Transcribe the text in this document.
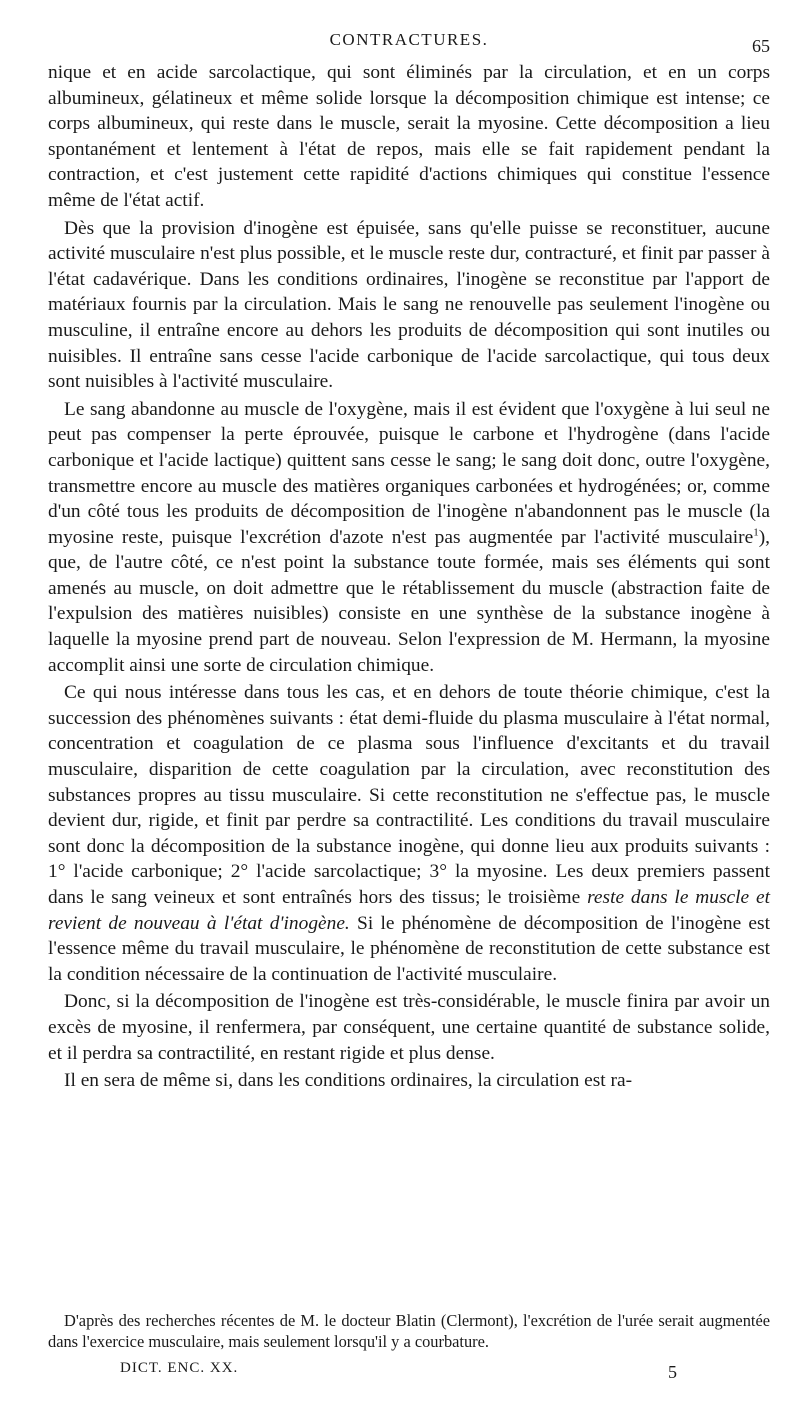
CONTRACTURES.	65

nique et en acide sarcolactique, qui sont éliminés par la circulation, et en un corps albumineux, gélatineux et même solide lorsque la décomposition chimique est intense; ce corps albumineux, qui reste dans le muscle, serait la myosine. Cette décomposition a lieu spontanément et lentement à l'état de repos, mais elle se fait rapidement pendant la contraction, et c'est justement cette rapidité d'actions chimiques qui constitue l'essence même de l'état actif.

Dès que la provision d'inogène est épuisée, sans qu'elle puisse se reconstituer, aucune activité musculaire n'est plus possible, et le muscle reste dur, contracturé, et finit par passer à l'état cadavérique. Dans les conditions ordinaires, l'inogène se reconstitue par l'apport de matériaux fournis par la circulation. Mais le sang ne renouvelle pas seulement l'inogène ou musculine, il entraîne encore au dehors les produits de décomposition qui sont inutiles ou nuisibles. Il entraîne sans cesse l'acide carbonique de l'acide sarcolactique, qui tous deux sont nuisibles à l'activité musculaire.

Le sang abandonne au muscle de l'oxygène, mais il est évident que l'oxygène à lui seul ne peut pas compenser la perte éprouvée, puisque le carbone et l'hydrogène (dans l'acide carbonique et l'acide lactique) quittent sans cesse le sang; le sang doit donc, outre l'oxygène, transmettre encore au muscle des matières organiques carbonées et hydrogénées; or, comme d'un côté tous les produits de décomposition de l'inogène n'abandonnent pas le muscle (la myosine reste, puisque l'excrétion d'azote n'est pas augmentée par l'activité musculaire$^1$), que, de l'autre côté, ce n'est point la substance toute formée, mais ses éléments qui sont amenés au muscle, on doit admettre que le rétablissement du muscle (abstraction faite de l'expulsion des matières nuisibles) consiste en une synthèse de la substance inogène à laquelle la myosine prend part de nouveau. Selon l'expression de M. Hermann, la myosine accomplit ainsi une sorte de circulation chimique.

Ce qui nous intéresse dans tous les cas, et en dehors de toute théorie chimique, c'est la succession des phénomènes suivants : état demi-fluide du plasma musculaire à l'état normal, concentration et coagulation de ce plasma sous l'influence d'excitants et du travail musculaire, disparition de cette coagulation par la circulation, avec reconstitution des substances propres au tissu musculaire. Si cette reconstitution ne s'effectue pas, le muscle devient dur, rigide, et finit par perdre sa contractilité. Les conditions du travail musculaire sont donc la décomposition de la substance inogène, qui donne lieu aux produits suivants : 1° l'acide carbonique; 2° l'acide sarcolactique; 3° la myosine. Les deux premiers passent dans le sang veineux et sont entraînés hors des tissus; le troisième reste dans le muscle et revient de nouveau à l'état d'inogène. Si le phénomène de décomposition de l'inogène est l'essence même du travail musculaire, le phénomène de reconstitution de cette substance est la condition nécessaire de la continuation de l'activité musculaire.

Donc, si la décomposition de l'inogène est très-considérable, le muscle finira par avoir un excès de myosine, il renfermera, par conséquent, une certaine quantité de substance solide, et il perdra sa contractilité, en restant rigide et plus dense.

Il en sera de même si, dans les conditions ordinaires, la circulation est ra-

D'après des recherches récentes de M. le docteur Blatin (Clermont), l'excrétion de l'urée serait augmentée dans l'exercice musculaire, mais seulement lorsqu'il y a courbature.
DICT. ENC. XX.	5
